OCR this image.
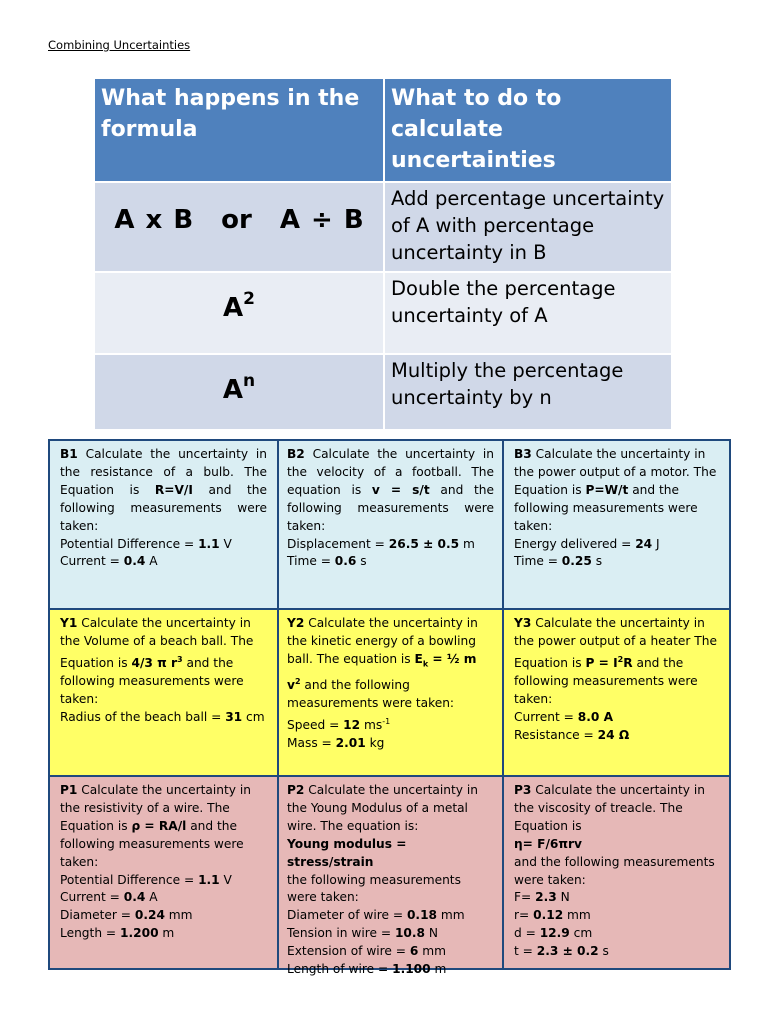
Combining Uncertainties
What happens in the formula	What to do to calculate uncertainties

A x B or A ÷ B	Add percentage uncertainty of A with percentage uncertainty in B

$A^2$	Double the percentage uncertainty of A

$A^n$	Multiply the percentage uncertainty by n

B1 Calculate the uncertainty in the resistance of a bulb. The Equation is R=V/I and the following measurements were taken:

Potential Difference = 1.1 V

Current = 0.4 A

B2 Calculate the uncertainty in the velocity of a football. The equation is v = s/t and the following measurements were taken:

Displacement = 26.5 ± 0.5 m

Time = 0.6 s

B3 Calculate the uncertainty in the power output of a motor. The Equation is P=W/t and the following measurements were taken:

Energy delivered = 24 J

Time = 0.25 s

Y1 Calculate the uncertainty in the Volume of a beach ball. The Equation is 4/3 π $r^3$ and the following measurements were taken:

Radius of the beach ball = 31 cm

Y2 Calculate the uncertainty in the kinetic energy of a bowling ball. The equation is $E_k$ = ½ m $v^2$ and the following measurements were taken:

Speed = 12 $ms^{-1}$

Mass = 2.01 kg

Y3 Calculate the uncertainty in the power output of a heater The Equation is $P = I^2R$ and the following measurements were taken:

Current = 8.0 A

Resistance = 24 Ω

P1 Calculate the uncertainty in the resistivity of a wire. The Equation is ρ = RA/l and the following measurements were taken:

Potential Difference = 1.1 V

Current = 0.4 A

Diameter = 0.24 mm

Length = 1.200 m

P2 Calculate the uncertainty in the Young Modulus of a metal wire. The equation is:

Young modulus = stress/strain

the following measurements were taken:

Diameter of wire = 0.18 mm

Tension in wire = 10.8 N

Extension of wire = 6 mm

Length of wire = 1.100 m

P3 Calculate the uncertainty in the viscosity of treacle. The Equation is

η= F/6πrv

and the following measurements were taken:

F= 2.3 N

r= 0.12 mm

d = 12.9 cm

t = 2.3 ± 0.2 s
